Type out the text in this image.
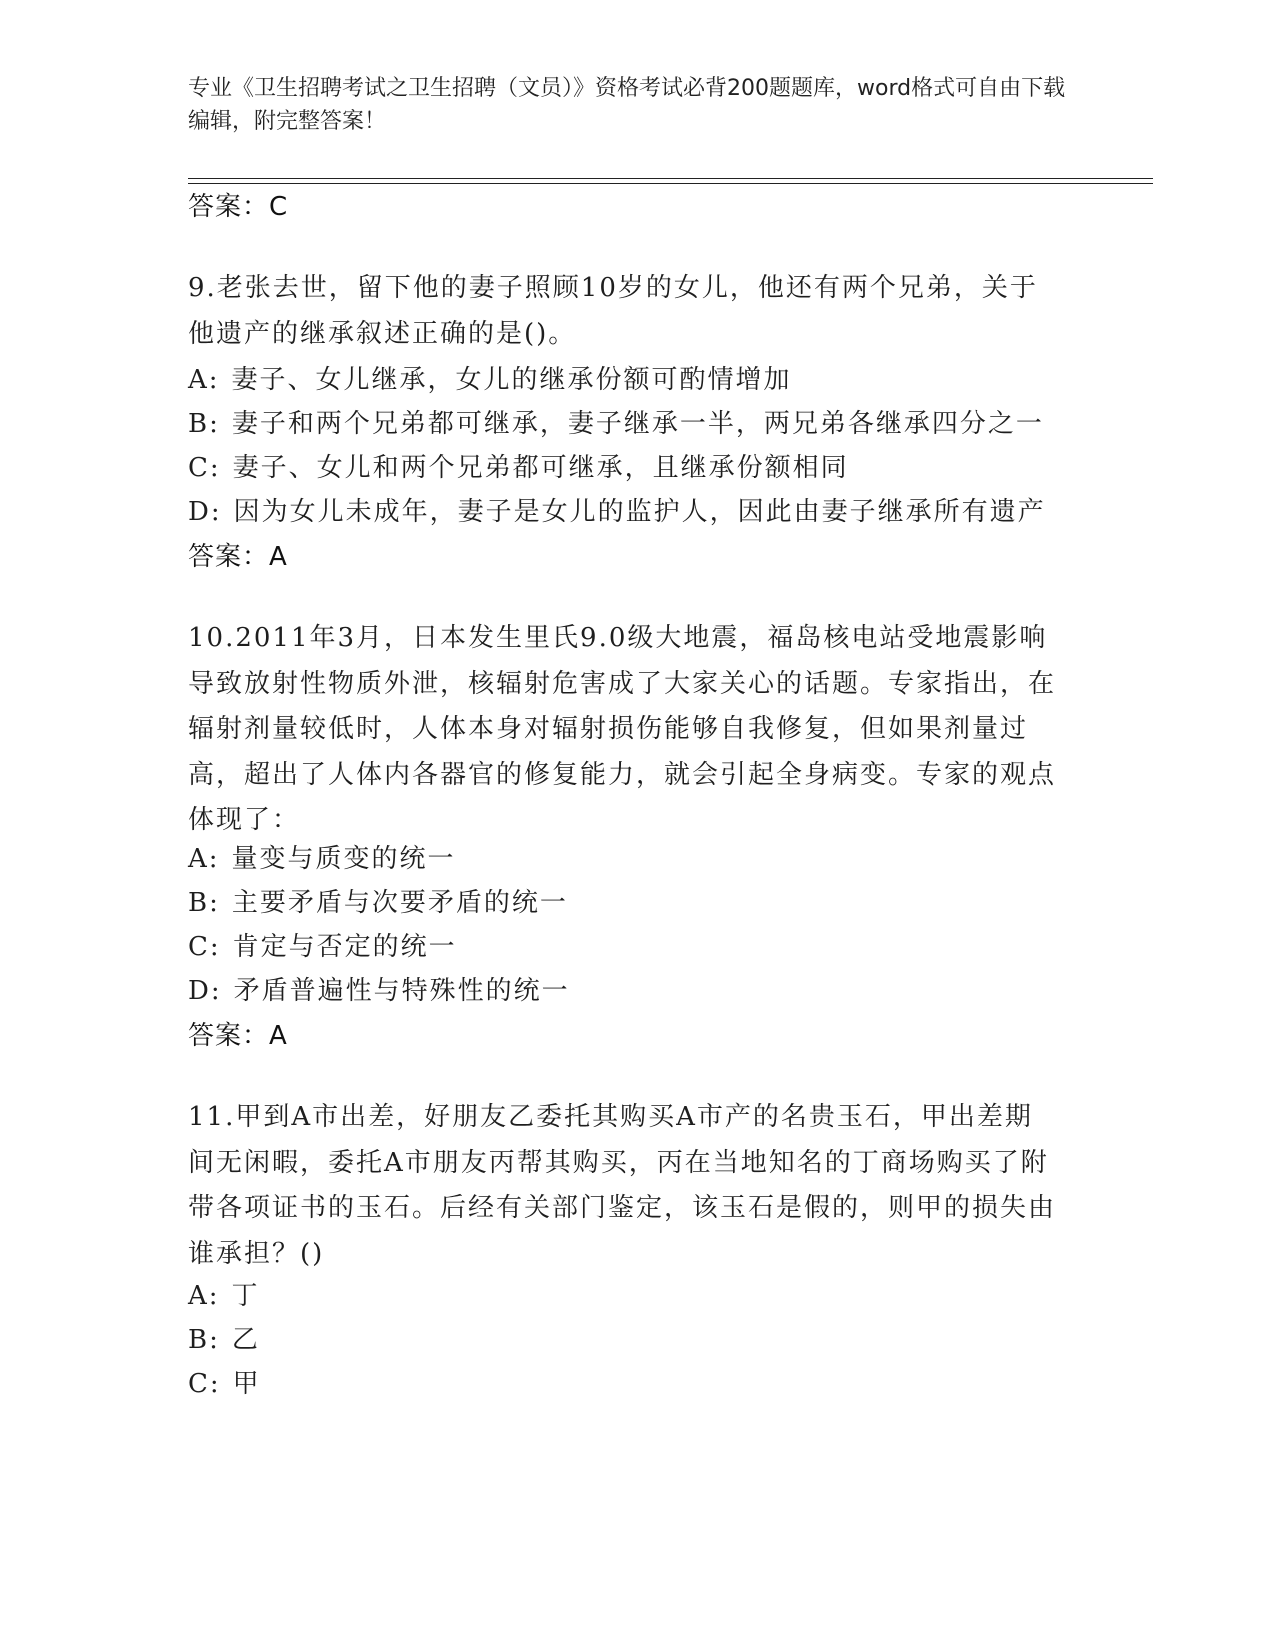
专业《卫生招聘考试之卫生招聘（文员）》资格考试必背200题题库，word格式可自由下载编辑，附完整答案！
答案：C
9.老张去世，留下他的妻子照顾10岁的女儿，他还有两个兄弟，关于他遗产的继承叙述正确的是()。
A: 妻子、女儿继承，女儿的继承份额可酌情增加
B: 妻子和两个兄弟都可继承，妻子继承一半，两兄弟各继承四分之一
C: 妻子、女儿和两个兄弟都可继承，且继承份额相同
D: 因为女儿未成年，妻子是女儿的监护人，因此由妻子继承所有遗产
答案：A
10.2011年3月，日本发生里氏9.0级大地震，福岛核电站受地震影响导致放射性物质外泄，核辐射危害成了大家关心的话题。专家指出，在辐射剂量较低时，人体本身对辐射损伤能够自我修复，但如果剂量过高，超出了人体内各器官的修复能力，就会引起全身病变。专家的观点体现了：
A: 量变与质变的统一
B: 主要矛盾与次要矛盾的统一
C: 肯定与否定的统一
D: 矛盾普遍性与特殊性的统一
答案：A
11.甲到A市出差，好朋友乙委托其购买A市产的名贵玉石，甲出差期间无闲暇，委托A市朋友丙帮其购买，丙在当地知名的丁商场购买了附带各项证书的玉石。后经有关部门鉴定，该玉石是假的，则甲的损失由谁承担？()
A: 丁
B: 乙
C: 甲
